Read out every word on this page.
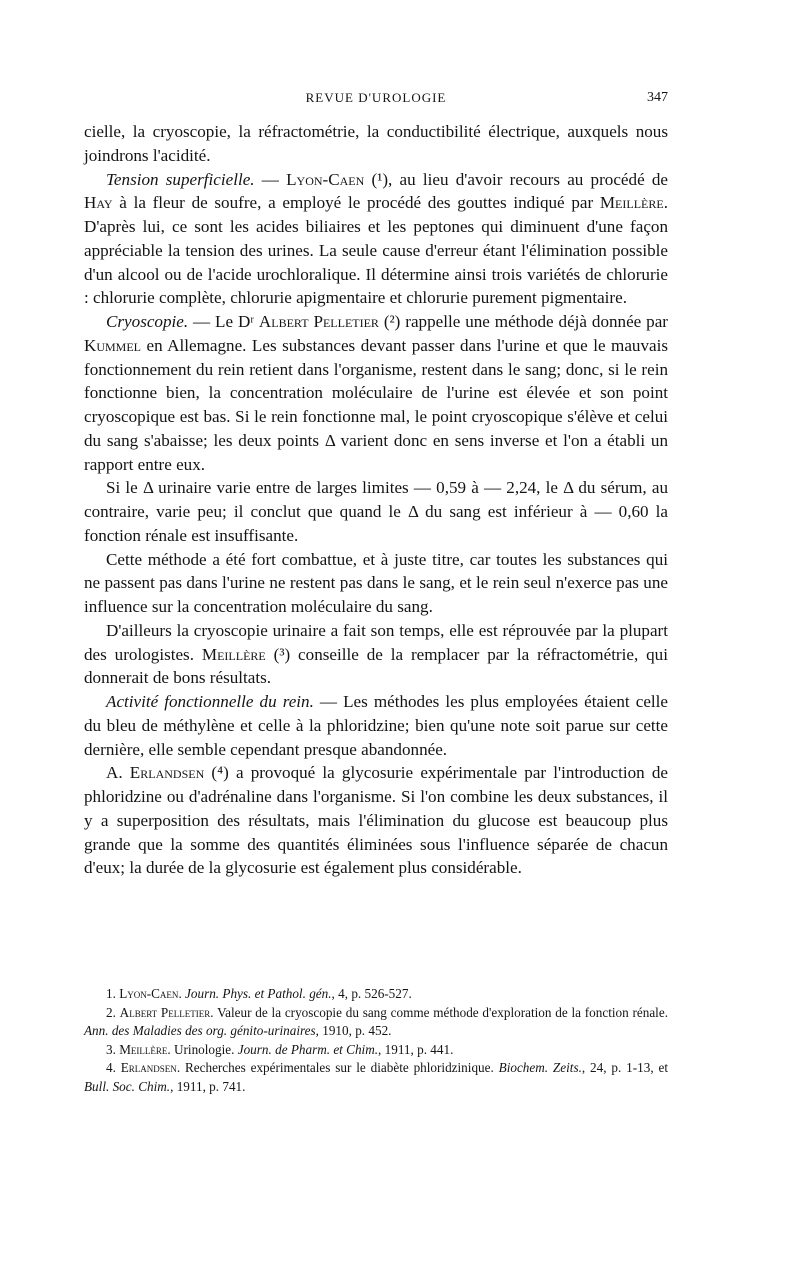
REVUE D'UROLOGIE	347

cielle, la cryoscopie, la réfractométrie, la conductibilité électrique, auxquels nous joindrons l'acidité.

Tension superficielle. — Lyon-Caen (¹), au lieu d'avoir recours au procédé de Hay à la fleur de soufre, a employé le procédé des gouttes indiqué par Meillère. D'après lui, ce sont les acides biliaires et les peptones qui diminuent d'une façon appréciable la tension des urines. La seule cause d'erreur étant l'élimination possible d'un alcool ou de l'acide urochloralique. Il détermine ainsi trois variétés de chlorurie : chlorurie complète, chlorurie apigmentaire et chlorurie purement pigmentaire.

Cryoscopie. — Le Dʳ Albert Pelletier (²) rappelle une méthode déjà donnée par Kummel en Allemagne. Les substances devant passer dans l'urine et que le mauvais fonctionnement du rein retient dans l'organisme, restent dans le sang; donc, si le rein fonctionne bien, la concentration moléculaire de l'urine est élevée et son point cryoscopique est bas. Si le rein fonctionne mal, le point cryoscopique s'élève et celui du sang s'abaisse; les deux points Δ varient donc en sens inverse et l'on a établi un rapport entre eux.

Si le Δ urinaire varie entre de larges limites — 0,59 à — 2,24, le Δ du sérum, au contraire, varie peu; il conclut que quand le Δ du sang est inférieur à — 0,60 la fonction rénale est insuffisante.

Cette méthode a été fort combattue, et à juste titre, car toutes les substances qui ne passent pas dans l'urine ne restent pas dans le sang, et le rein seul n'exerce pas une influence sur la concentration moléculaire du sang.

D'ailleurs la cryoscopie urinaire a fait son temps, elle est réprouvée par la plupart des urologistes. Meillère (³) conseille de la remplacer par la réfractométrie, qui donnerait de bons résultats.

Activité fonctionnelle du rein. — Les méthodes les plus employées étaient celle du bleu de méthylène et celle à la phloridzine; bien qu'une note soit parue sur cette dernière, elle semble cependant presque abandonnée.

A. Erlandsen (⁴) a provoqué la glycosurie expérimentale par l'introduction de phloridzine ou d'adrénaline dans l'organisme. Si l'on combine les deux substances, il y a superposition des résultats, mais l'élimination du glucose est beaucoup plus grande que la somme des quantités éliminées sous l'influence séparée de chacun d'eux; la durée de la glycosurie est également plus considérable.

1. Lyon-Caen. Journ. Phys. et Pathol. gén., 4, p. 526-527.

2. Albert Pelletier. Valeur de la cryoscopie du sang comme méthode d'exploration de la fonction rénale. Ann. des Maladies des org. génito-urinaires, 1910, p. 452.

3. Meillère. Urinologie. Journ. de Pharm. et Chim., 1911, p. 441.

4. Erlandsen. Recherches expérimentales sur le diabète phloridzinique. Biochem. Zeits., 24, p. 1-13, et Bull. Soc. Chim., 1911, p. 741.
